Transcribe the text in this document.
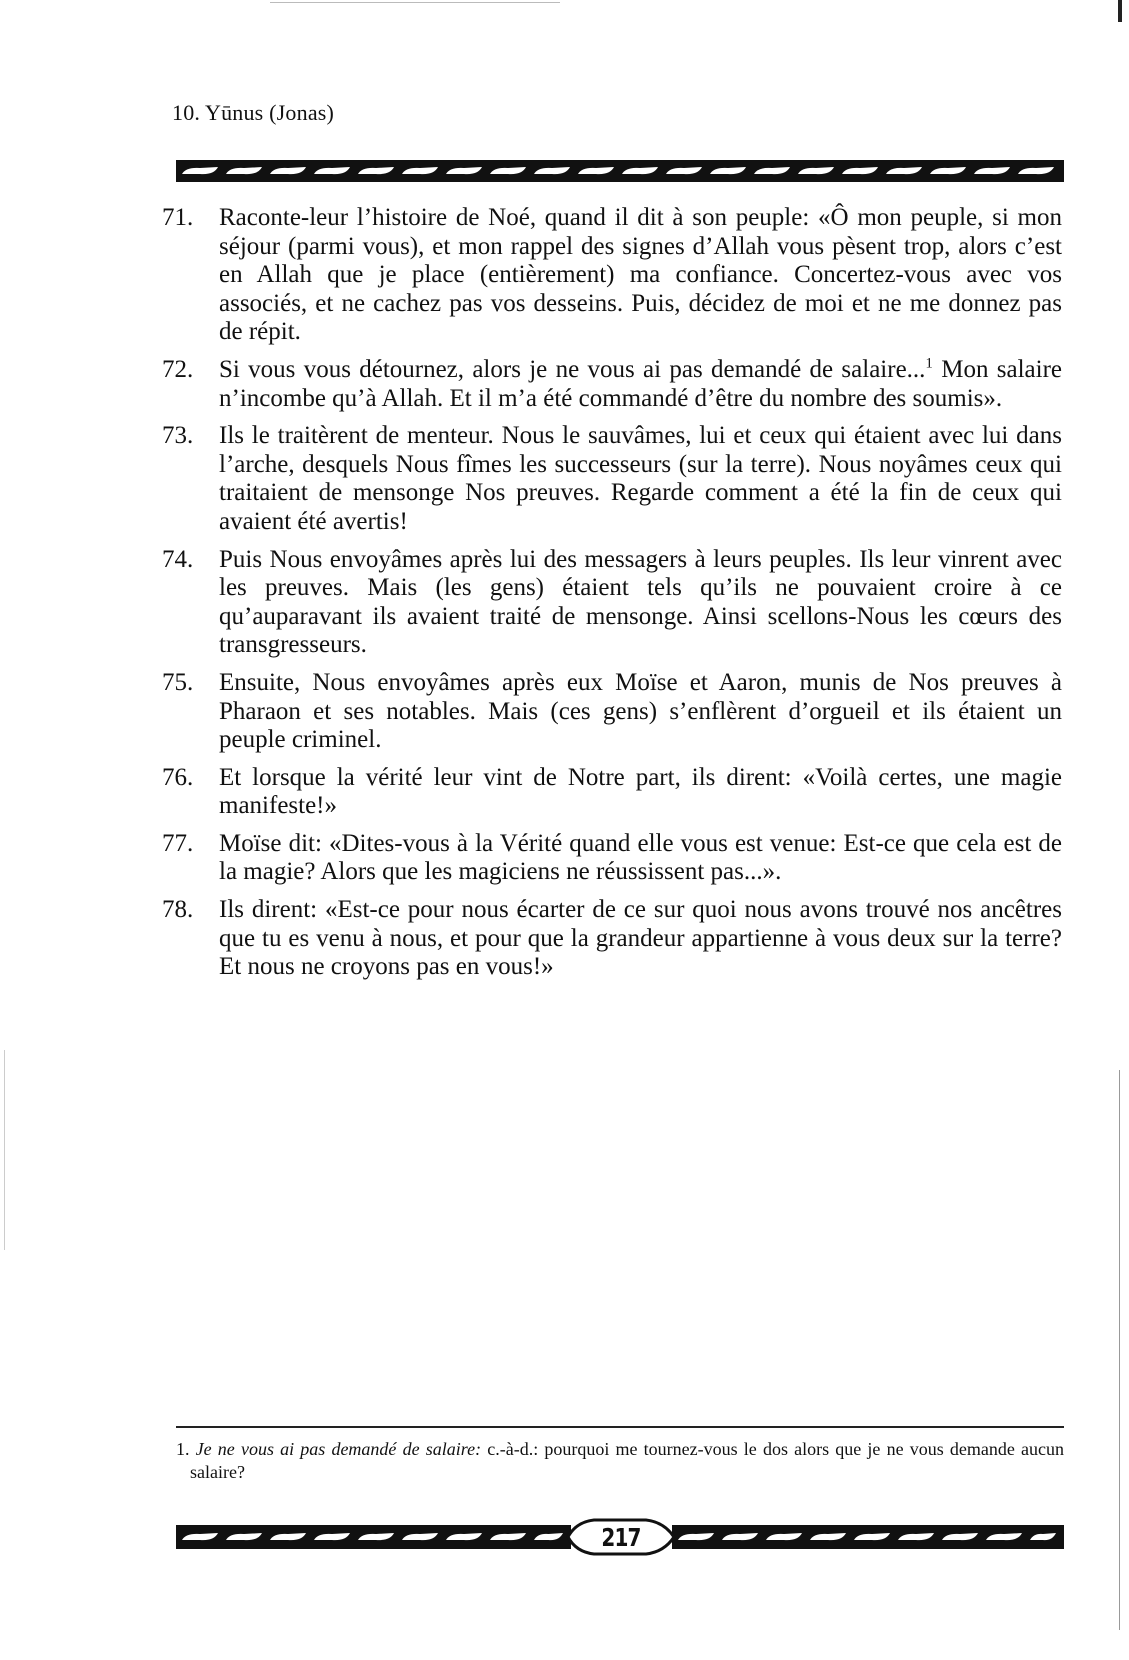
10. Yūnus (Jonas)
71. Raconte-leur l’histoire de Noé, quand il dit à son peuple: «Ô mon peuple, si mon séjour (parmi vous), et mon rappel des signes d’Allah vous pèsent trop, alors c’est en Allah que je place (entièrement) ma confiance. Concertez-vous avec vos associés, et ne cachez pas vos desseins. Puis, décidez de moi et ne me donnez pas de répit.
72. Si vous vous détournez, alors je ne vous ai pas demandé de salaire...$^1$ Mon salaire n’incombe qu’à Allah. Et il m’a été commandé d’être du nombre des soumis».
73. Ils le traitèrent de menteur. Nous le sauvâmes, lui et ceux qui étaient avec lui dans l’arche, desquels Nous fîmes les successeurs (sur la terre). Nous noyâmes ceux qui traitaient de mensonge Nos preuves. Regarde comment a été la fin de ceux qui avaient été avertis!
74. Puis Nous envoyâmes après lui des messagers à leurs peuples. Ils leur vinrent avec les preuves. Mais (les gens) étaient tels qu’ils ne pouvaient croire à ce qu’auparavant ils avaient traité de mensonge. Ainsi scellons-Nous les cœurs des transgresseurs.
75. Ensuite, Nous envoyâmes après eux Moïse et Aaron, munis de Nos preuves à Pharaon et ses notables. Mais (ces gens) s’enflèrent d’orgueil et ils étaient un peuple criminel.
76. Et lorsque la vérité leur vint de Notre part, ils dirent: «Voilà certes, une magie manifeste!»
77. Moïse dit: «Dites-vous à la Vérité quand elle vous est venue: Est-ce que cela est de la magie? Alors que les magiciens ne réussissent pas...».
78. Ils dirent: «Est-ce pour nous écarter de ce sur quoi nous avons trouvé nos ancêtres que tu es venu à nous, et pour que la grandeur appartienne à vous deux sur la terre? Et nous ne croyons pas en vous!»
1. Je ne vous ai pas demandé de salaire: c.-à-d.: pourquoi me tournez-vous le dos alors que je ne vous demande aucun salaire?
217
